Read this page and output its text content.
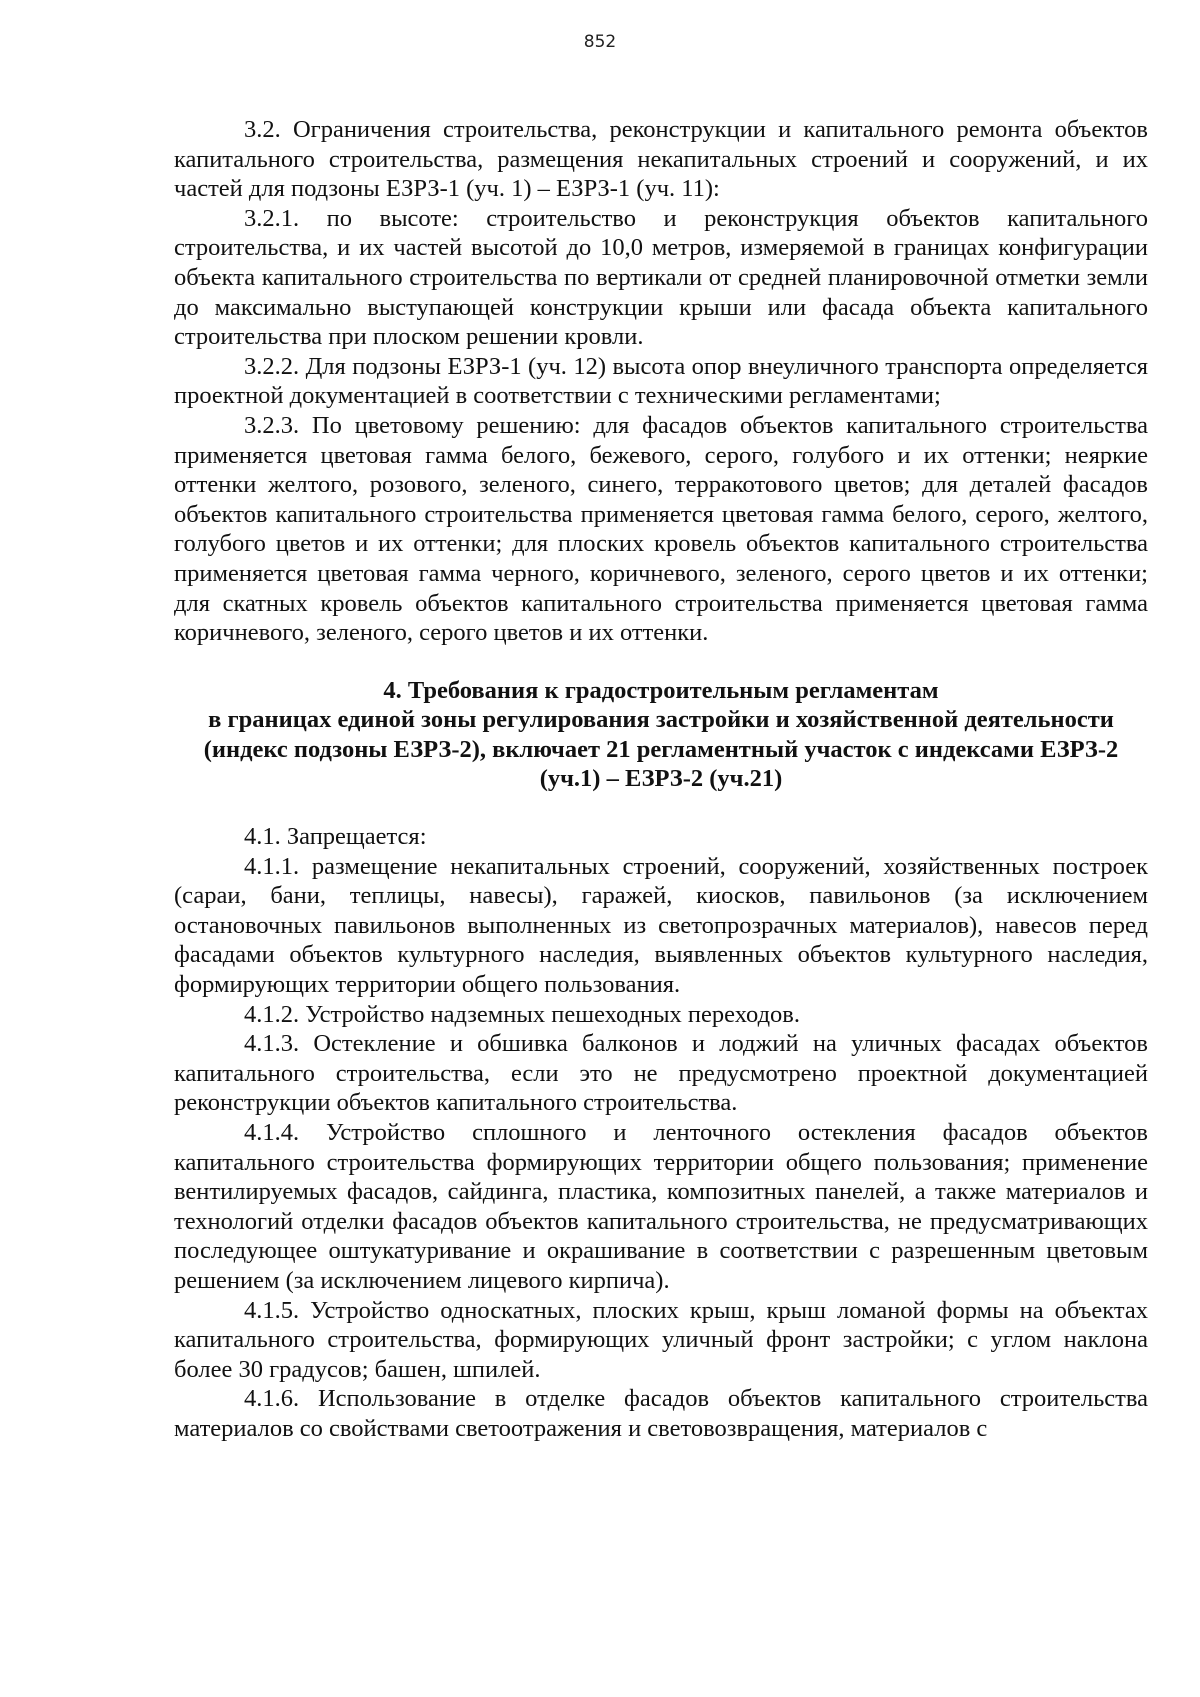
852

3.2. Ограничения строительства, реконструкции и капитального ремонта объектов капитального строительства, размещения некапитальных строений и сооружений, и их частей для подзоны ЕЗРЗ-1 (уч. 1) – ЕЗРЗ-1 (уч. 11):

3.2.1. по высоте: строительство и реконструкция объектов капитального строительства, и их частей высотой до 10,0 метров, измеряемой в границах конфигурации объекта капитального строительства по вертикали от средней планировочной отметки земли до максимально выступающей конструкции крыши или фасада объекта капитального строительства при плоском решении кровли.

3.2.2. Для подзоны ЕЗРЗ-1 (уч. 12) высота опор внеуличного транспорта определяется проектной документацией в соответствии с техническими регламентами;

3.2.3. По цветовому решению: для фасадов объектов капитального строительства применяется цветовая гамма белого, бежевого, серого, голубого и их оттенки; неяркие оттенки желтого, розового, зеленого, синего, терракотового цветов; для деталей фасадов объектов капитального строительства применяется цветовая гамма белого, серого, желтого, голубого цветов и их оттенки; для плоских кровель объектов капитального строительства применяется цветовая гамма черного, коричневого, зеленого, серого цветов и их оттенки; для скатных кровель объектов капитального строительства применяется цветовая гамма коричневого, зеленого, серого цветов и их оттенки.

4. Требования к градостроительным регламентам
в границах единой зоны регулирования застройки и хозяйственной деятельности (индекс подзоны ЕЗРЗ-2), включает 21 регламентный участок с индексами ЕЗРЗ-2 (уч.1) – ЕЗРЗ-2 (уч.21)

4.1. Запрещается:

4.1.1. размещение некапитальных строений, сооружений, хозяйственных построек (сараи, бани, теплицы, навесы), гаражей, киосков, павильонов (за исключением остановочных павильонов выполненных из светопрозрачных материалов), навесов перед фасадами объектов культурного наследия, выявленных объектов культурного наследия, формирующих территории общего пользования.

4.1.2. Устройство надземных пешеходных переходов.

4.1.3. Остекление и обшивка балконов и лоджий на уличных фасадах объектов капитального строительства, если это не предусмотрено проектной документацией реконструкции объектов капитального строительства.

4.1.4. Устройство сплошного и ленточного остекления фасадов объектов капитального строительства формирующих территории общего пользования; применение вентилируемых фасадов, сайдинга, пластика, композитных панелей, а также материалов и технологий отделки фасадов объектов капитального строительства, не предусматривающих последующее оштукатуривание и окрашивание в соответствии с разрешенным цветовым решением (за исключением лицевого кирпича).

4.1.5. Устройство односкатных, плоских крыш, крыш ломаной формы на объектах капитального строительства, формирующих уличный фронт застройки; с углом наклона более 30 градусов; башен, шпилей.

4.1.6. Использование в отделке фасадов объектов капитального строительства материалов со свойствами светоотражения и световозвращения, материалов с
